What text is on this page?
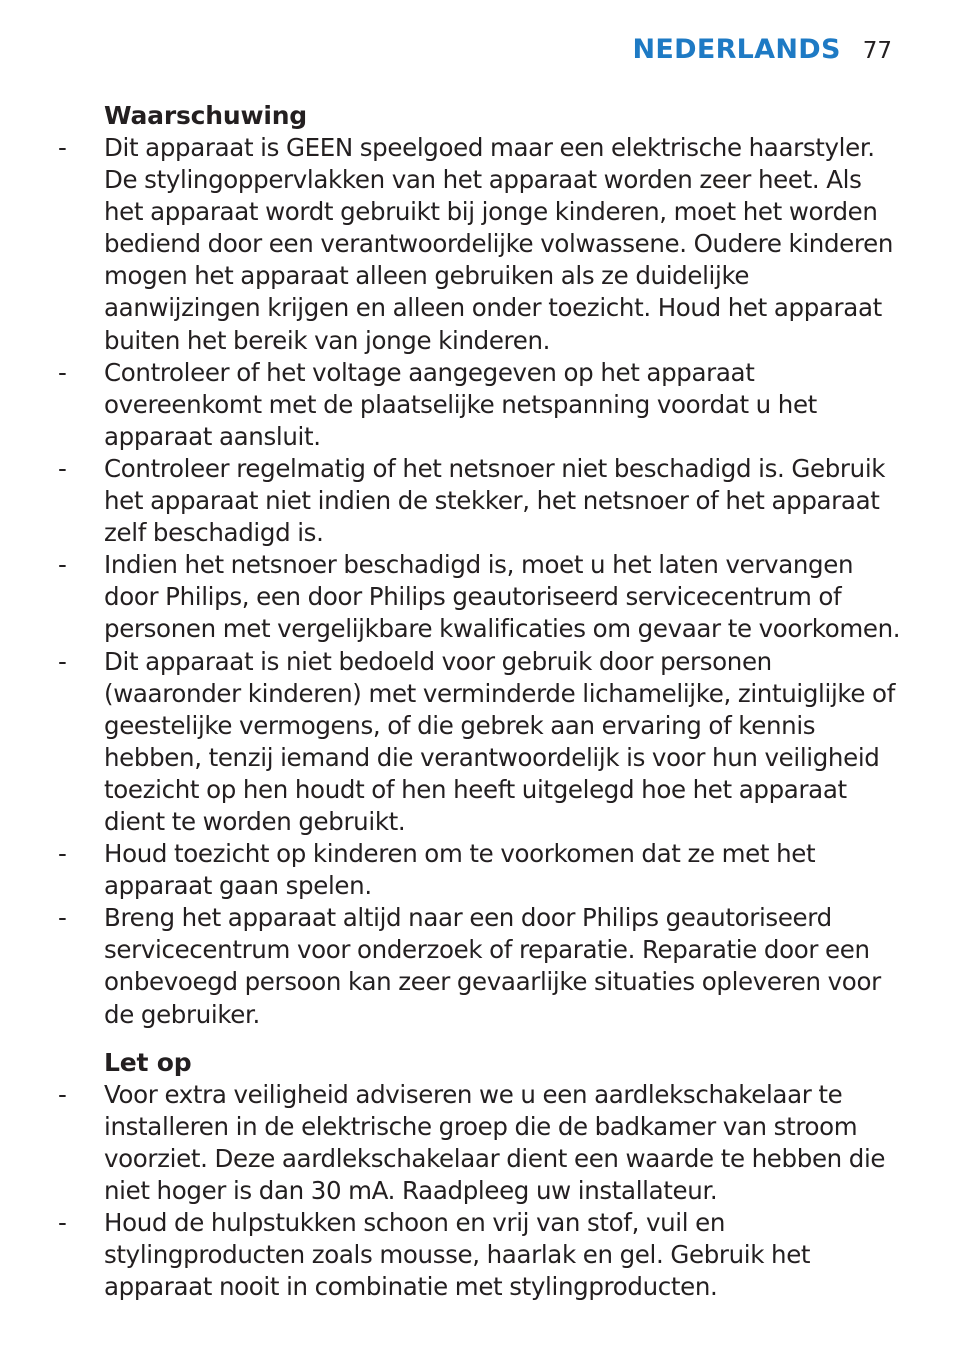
NEDERLANDS 77
Waarschuwing
- Dit apparaat is GEEN speelgoed maar een elektrische haarstyler. De stylingoppervlakken van het apparaat worden zeer heet. Als het apparaat wordt gebruikt bij jonge kinderen, moet het worden bediend door een verantwoordelijke volwassene. Oudere kinderen mogen het apparaat alleen gebruiken als ze duidelijke aanwijzingen krijgen en alleen onder toezicht. Houd het apparaat buiten het bereik van jonge kinderen.
- Controleer of het voltage aangegeven op het apparaat overeenkomt met de plaatselijke netspanning voordat u het apparaat aansluit.
- Controleer regelmatig of het netsnoer niet beschadigd is. Gebruik het apparaat niet indien de stekker, het netsnoer of het apparaat zelf beschadigd is.
- Indien het netsnoer beschadigd is, moet u het laten vervangen door Philips, een door Philips geautoriseerd servicecentrum of personen met vergelijkbare kwalificaties om gevaar te voorkomen.
- Dit apparaat is niet bedoeld voor gebruik door personen (waaronder kinderen) met verminderde lichamelijke, zintuiglijke of geestelijke vermogens, of die gebrek aan ervaring of kennis hebben, tenzij iemand die verantwoordelijk is voor hun veiligheid toezicht op hen houdt of hen heeft uitgelegd hoe het apparaat dient te worden gebruikt.
- Houd toezicht op kinderen om te voorkomen dat ze met het apparaat gaan spelen.
- Breng het apparaat altijd naar een door Philips geautoriseerd servicecentrum voor onderzoek of reparatie. Reparatie door een onbevoegd persoon kan zeer gevaarlijke situaties opleveren voor de gebruiker.
Let op
- Voor extra veiligheid adviseren we u een aardlekschakelaar te installeren in de elektrische groep die de badkamer van stroom voorziet. Deze aardlekschakelaar dient een waarde te hebben die niet hoger is dan 30 mA. Raadpleeg uw installateur.
- Houd de hulpstukken schoon en vrij van stof, vuil en stylingproducten zoals mousse, haarlak en gel. Gebruik het apparaat nooit in combinatie met stylingproducten.
